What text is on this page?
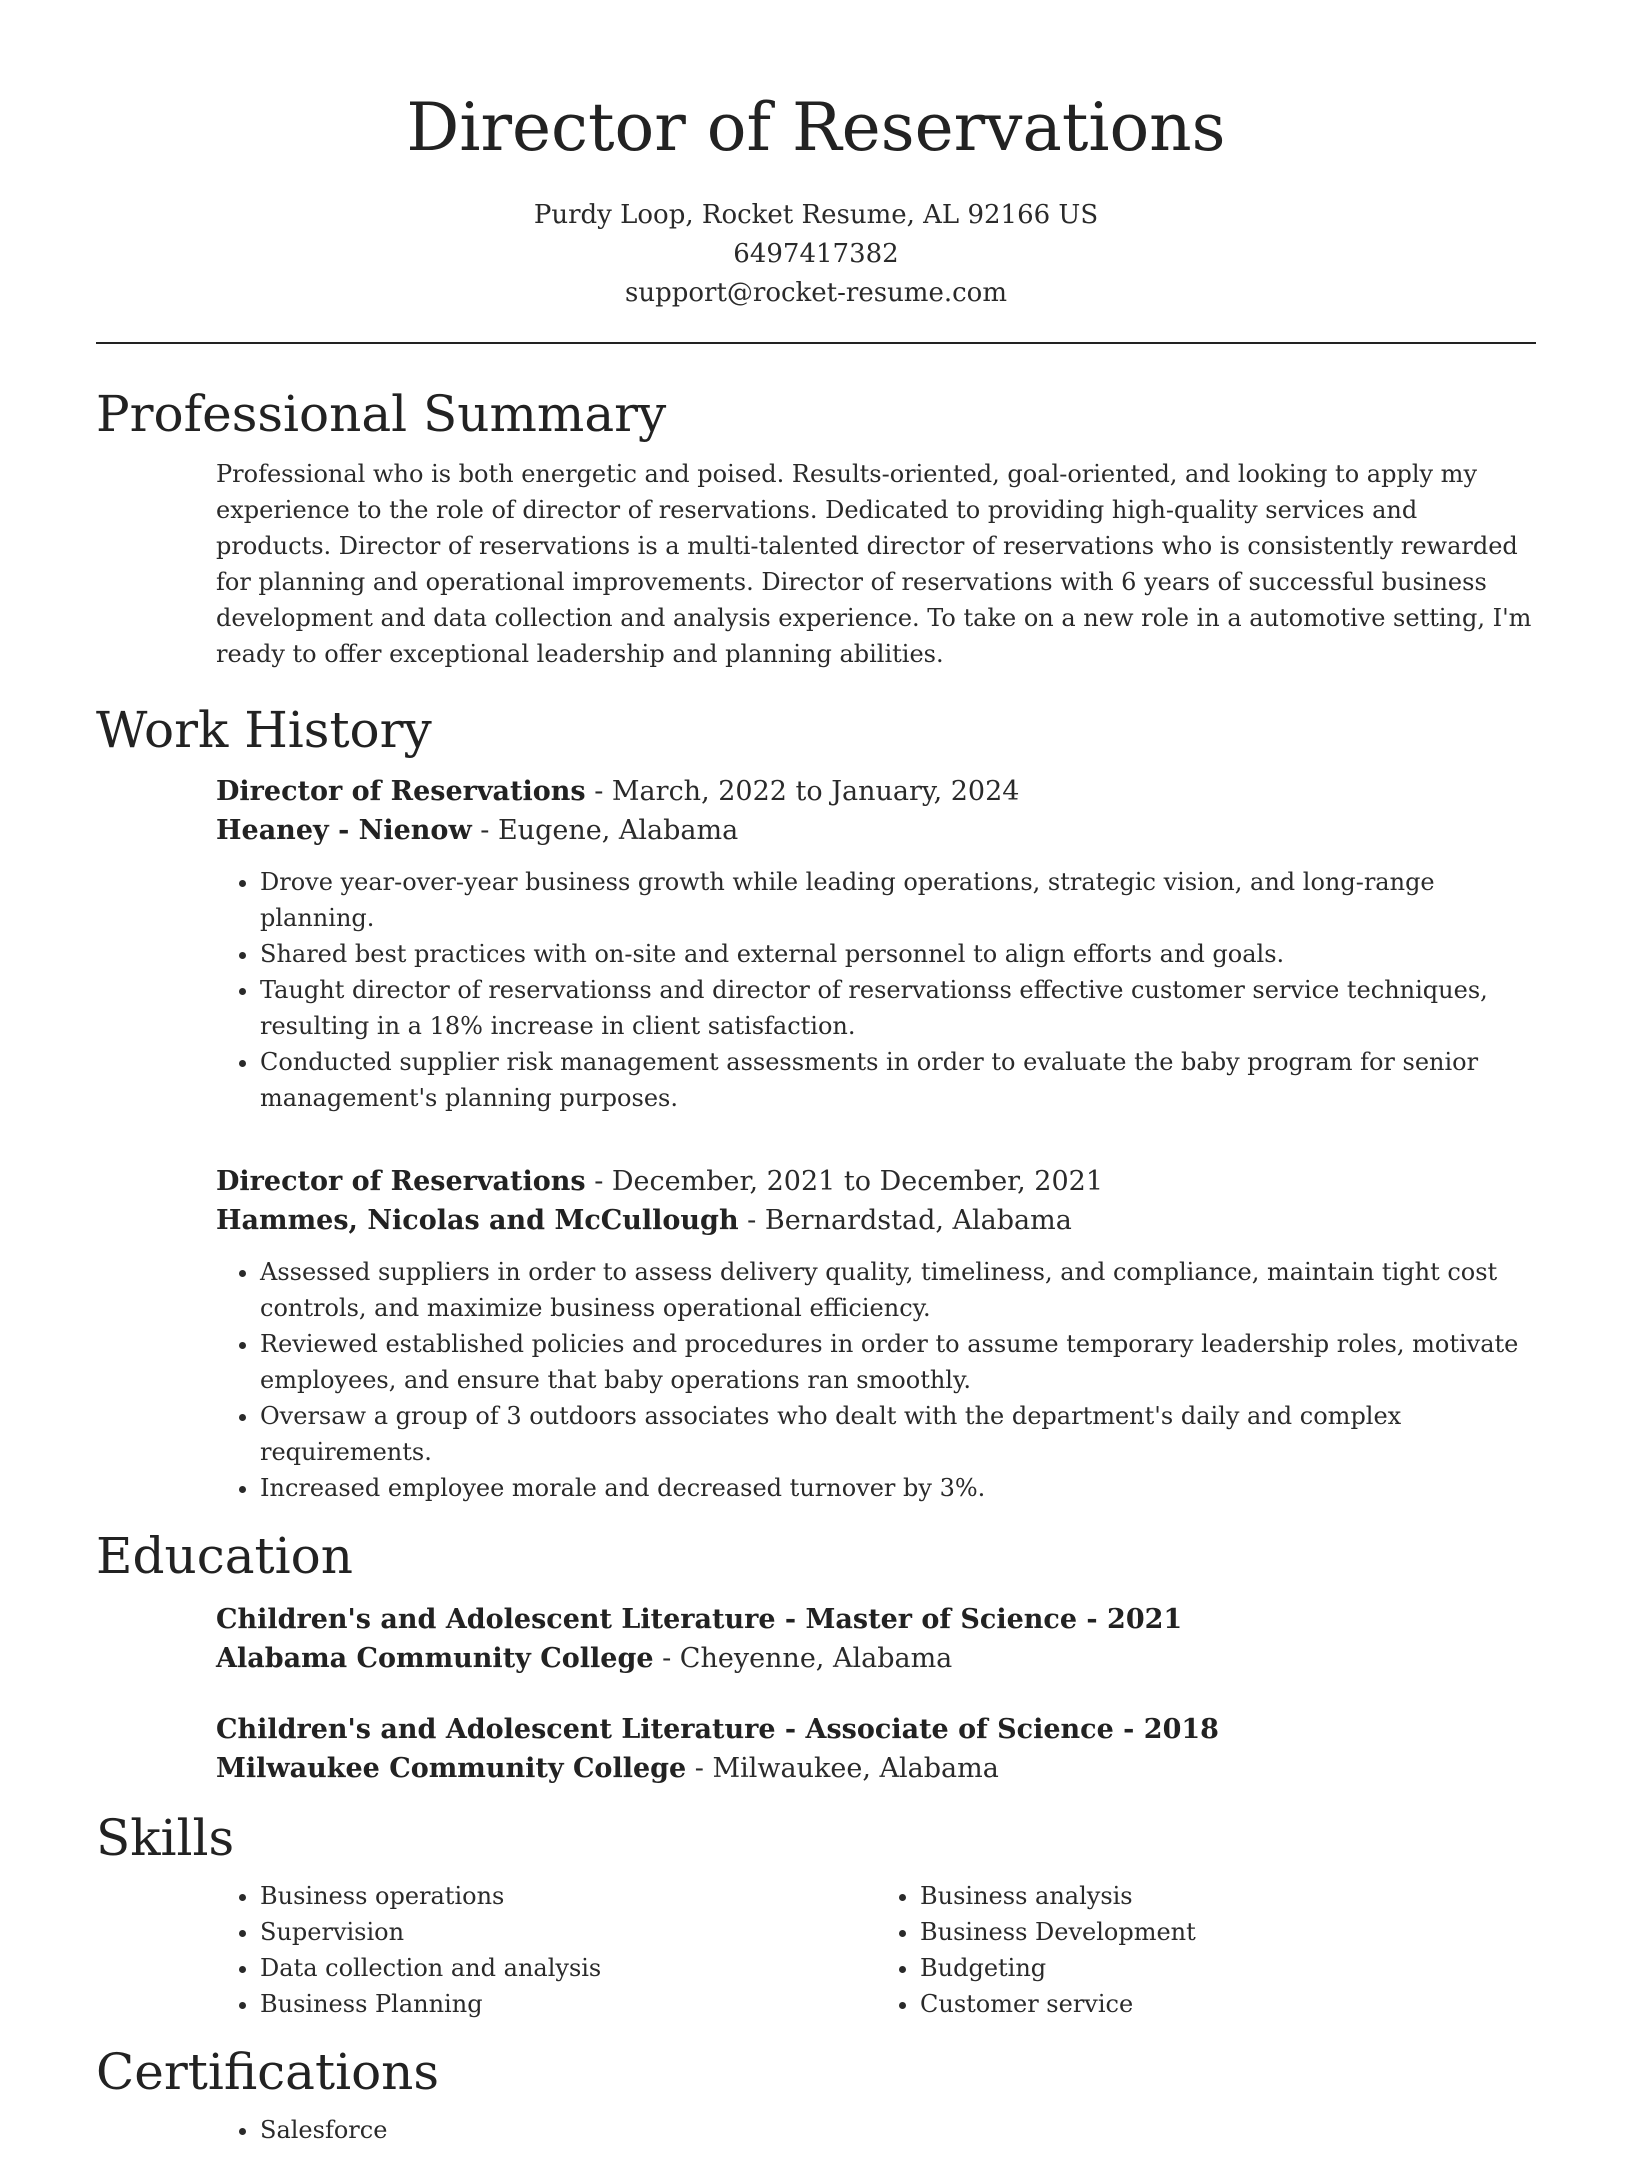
Director of Reservations
Purdy Loop, Rocket Resume, AL 92166 US
6497417382
support@rocket-resume.com
Professional Summary

Professional who is both energetic and poised. Results-oriented, goal-oriented, and looking to apply my experience to the role of director of reservations. Dedicated to providing high-quality services and products. Director of reservations is a multi-talented director of reservations who is consistently rewarded for planning and operational improvements. Director of reservations with 6 years of successful business development and data collection and analysis experience. To take on a new role in a automotive setting, I'm ready to offer exceptional leadership and planning abilities.

Work History
Director of Reservations - March, 2022 to January, 2024
Heaney - Nienow - Eugene, Alabama
• Drove year-over-year business growth while leading operations, strategic vision, and long-range planning.
• Shared best practices with on-site and external personnel to align efforts and goals.
• Taught director of reservationss and director of reservationss effective customer service techniques, resulting in a 18% increase in client satisfaction.
• Conducted supplier risk management assessments in order to evaluate the baby program for senior management's planning purposes.
Director of Reservations - December, 2021 to December, 2021
Hammes, Nicolas and McCullough - Bernardstad, Alabama
• Assessed suppliers in order to assess delivery quality, timeliness, and compliance, maintain tight cost controls, and maximize business operational efficiency.
• Reviewed established policies and procedures in order to assume temporary leadership roles, motivate employees, and ensure that baby operations ran smoothly.
• Oversaw a group of 3 outdoors associates who dealt with the department's daily and complex requirements.
• Increased employee morale and decreased turnover by 3%.
Education
Children's and Adolescent Literature - Master of Science - 2021
Alabama Community College - Cheyenne, Alabama
Children's and Adolescent Literature - Associate of Science - 2018
Milwaukee Community College - Milwaukee, Alabama
Skills
• Business operations
• Supervision
• Data collection and analysis
• Business Planning
• Business analysis
• Business Development
• Budgeting
• Customer service
Certifications
• Salesforce
